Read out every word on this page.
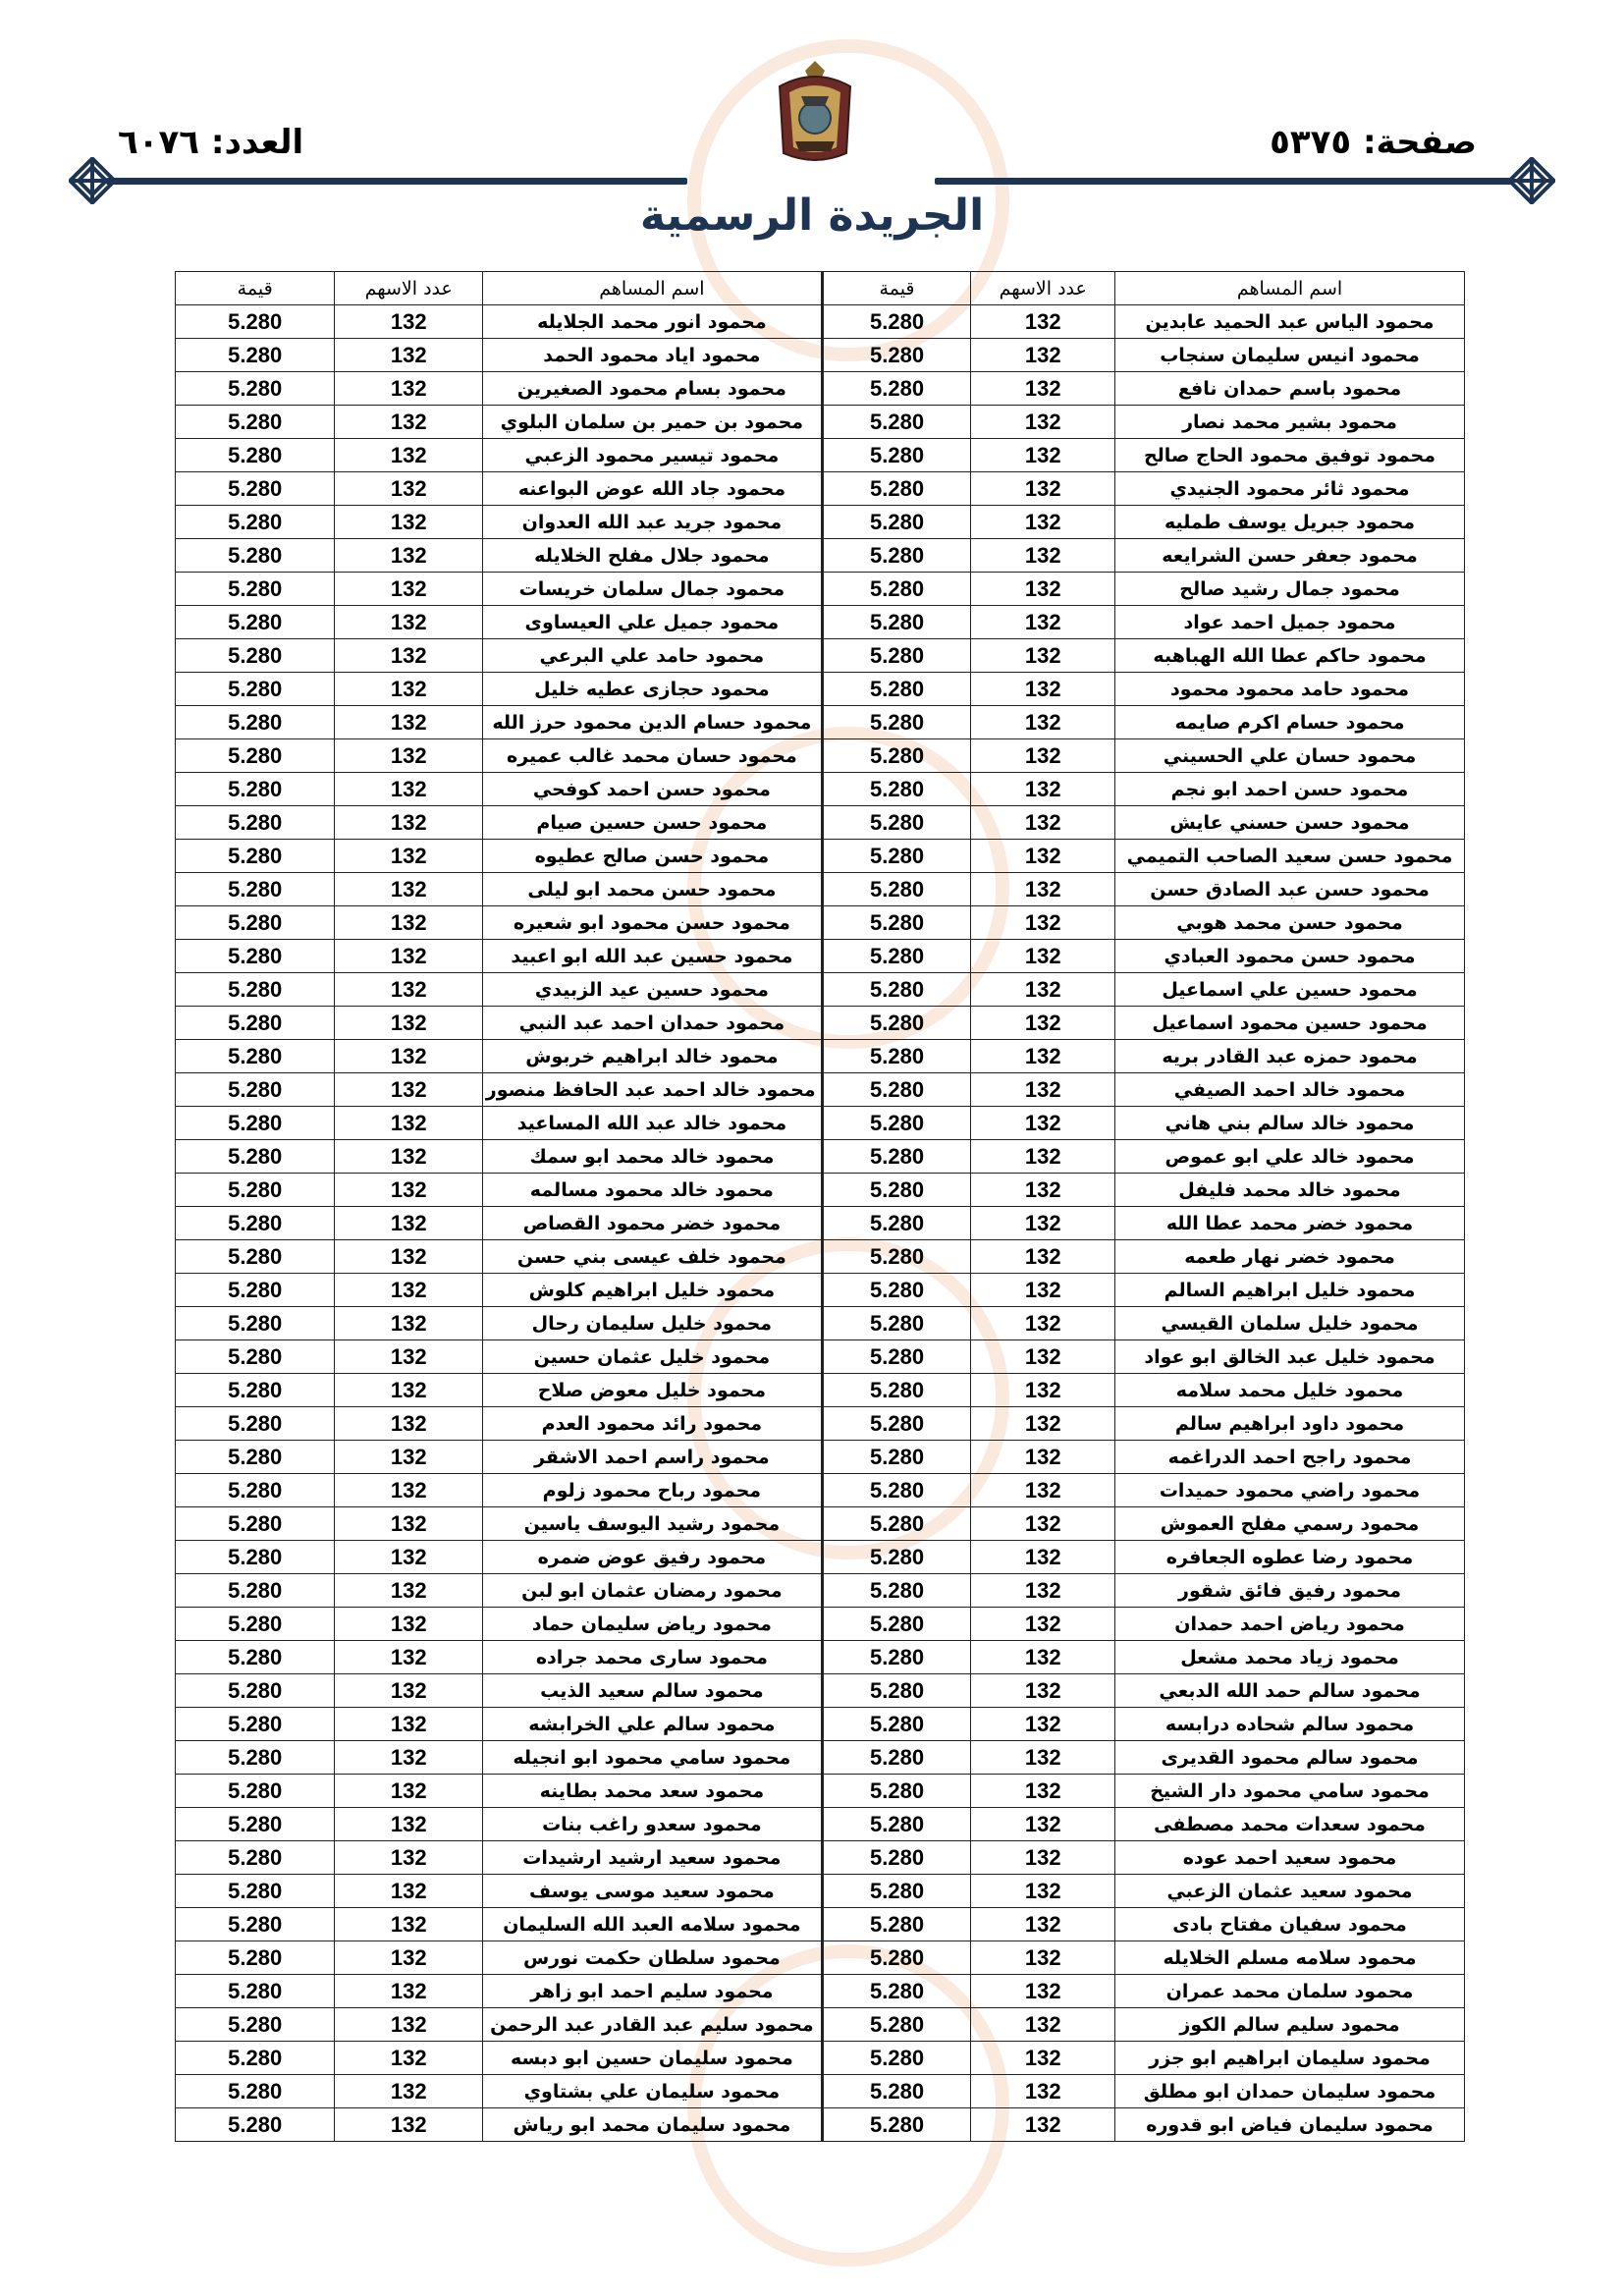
صفحة: ٥٣٧٥
العدد: ٦٠٧٦
الجريدة الرسمية
اسم المساهم	عدد الاسهم	قيمة	اسم المساهم	عدد الاسهم	قيمة
محمود الياس عبد الحميد عابدين	132	5.280	محمود انور محمد الجلايله	132	5.280
محمود انيس سليمان سنجاب	132	5.280	محمود اياد محمود الحمد	132	5.280
محمود باسم حمدان نافع	132	5.280	محمود بسام محمود الصغيرين	132	5.280
محمود بشير محمد نصار	132	5.280	محمود بن حمير بن سلمان البلوي	132	5.280
محمود توفيق محمود الحاج صالح	132	5.280	محمود تيسير محمود الزعبي	132	5.280
محمود ثائر محمود الجنيدي	132	5.280	محمود جاد الله عوض البواعنه	132	5.280
محمود جبريل يوسف طمليه	132	5.280	محمود جريد عبد الله العدوان	132	5.280
محمود جعفر حسن الشرايعه	132	5.280	محمود جلال مفلح الخلايله	132	5.280
محمود جمال رشيد صالح	132	5.280	محمود جمال سلمان خريسات	132	5.280
محمود جميل احمد عواد	132	5.280	محمود جميل علي العيساوى	132	5.280
محمود حاكم عطا الله الهباهبه	132	5.280	محمود حامد علي البرعي	132	5.280
محمود حامد محمود محمود	132	5.280	محمود حجازى عطيه خليل	132	5.280
محمود حسام اكرم صايمه	132	5.280	محمود حسام الدين محمود حرز الله	132	5.280
محمود حسان علي الحسيني	132	5.280	محمود حسان محمد غالب عميره	132	5.280
محمود حسن احمد ابو نجم	132	5.280	محمود حسن احمد كوفحي	132	5.280
محمود حسن حسني عايش	132	5.280	محمود حسن حسين صيام	132	5.280
محمود حسن سعيد الصاحب التميمي	132	5.280	محمود حسن صالح عطيوه	132	5.280
محمود حسن عبد الصادق حسن	132	5.280	محمود حسن محمد ابو ليلى	132	5.280
محمود حسن محمد هوبي	132	5.280	محمود حسن محمود ابو شعيره	132	5.280
محمود حسن محمود العبادي	132	5.280	محمود حسين عبد الله ابو اعبيد	132	5.280
محمود حسين علي اسماعيل	132	5.280	محمود حسين عيد الزبيدي	132	5.280
محمود حسين محمود اسماعيل	132	5.280	محمود حمدان احمد عبد النبي	132	5.280
محمود حمزه عبد القادر بريه	132	5.280	محمود خالد ابراهيم خربوش	132	5.280
محمود خالد احمد الصيفي	132	5.280	محمود خالد احمد عبد الحافظ منصور	132	5.280
محمود خالد سالم بني هاني	132	5.280	محمود خالد عبد الله المساعيد	132	5.280
محمود خالد علي ابو عموص	132	5.280	محمود خالد محمد ابو سمك	132	5.280
محمود خالد محمد فليفل	132	5.280	محمود خالد محمود مسالمه	132	5.280
محمود خضر محمد عطا الله	132	5.280	محمود خضر محمود القصاص	132	5.280
محمود خضر نهار طعمه	132	5.280	محمود خلف عيسى بني حسن	132	5.280
محمود خليل ابراهيم السالم	132	5.280	محمود خليل ابراهيم كلوش	132	5.280
محمود خليل سلمان القيسي	132	5.280	محمود خليل سليمان رحال	132	5.280
محمود خليل عبد الخالق ابو عواد	132	5.280	محمود خليل عثمان حسين	132	5.280
محمود خليل محمد سلامه	132	5.280	محمود خليل معوض صلاح	132	5.280
محمود داود ابراهيم سالم	132	5.280	محمود رائد محمود العدم	132	5.280
محمود راجح احمد الدراغمه	132	5.280	محمود راسم احمد الاشقر	132	5.280
محمود راضي محمود حميدات	132	5.280	محمود رباح محمود زلوم	132	5.280
محمود رسمي مفلح العموش	132	5.280	محمود رشيد اليوسف ياسين	132	5.280
محمود رضا عطوه الجعافره	132	5.280	محمود رفيق عوض ضمره	132	5.280
محمود رفيق فائق شقور	132	5.280	محمود رمضان عثمان ابو لبن	132	5.280
محمود رياض احمد حمدان	132	5.280	محمود رياض سليمان حماد	132	5.280
محمود زياد محمد مشعل	132	5.280	محمود سارى محمد جراده	132	5.280
محمود سالم حمد الله الدبعي	132	5.280	محمود سالم سعيد الذيب	132	5.280
محمود سالم شحاده درابسه	132	5.280	محمود سالم علي الخرابشه	132	5.280
محمود سالم محمود القديرى	132	5.280	محمود سامي محمود ابو انجيله	132	5.280
محمود سامي محمود دار الشيخ	132	5.280	محمود سعد محمد بطاينه	132	5.280
محمود سعدات محمد مصطفى	132	5.280	محمود سعدو راغب بنات	132	5.280
محمود سعيد احمد عوده	132	5.280	محمود سعيد ارشيد ارشيدات	132	5.280
محمود سعيد عثمان الزعبي	132	5.280	محمود سعيد موسى يوسف	132	5.280
محمود سفيان مفتاح بادى	132	5.280	محمود سلامه العبد الله السليمان	132	5.280
محمود سلامه مسلم الخلايله	132	5.280	محمود سلطان حكمت نورس	132	5.280
محمود سلمان محمد عمران	132	5.280	محمود سليم احمد ابو زاهر	132	5.280
محمود سليم سالم الكوز	132	5.280	محمود سليم عبد القادر عبد الرحمن	132	5.280
محمود سليمان ابراهيم ابو جزر	132	5.280	محمود سليمان حسين ابو دبسه	132	5.280
محمود سليمان حمدان ابو مطلق	132	5.280	محمود سليمان علي بشتاوي	132	5.280
محمود سليمان فياض ابو قدوره	132	5.280	محمود سليمان محمد ابو رياش	132	5.280
